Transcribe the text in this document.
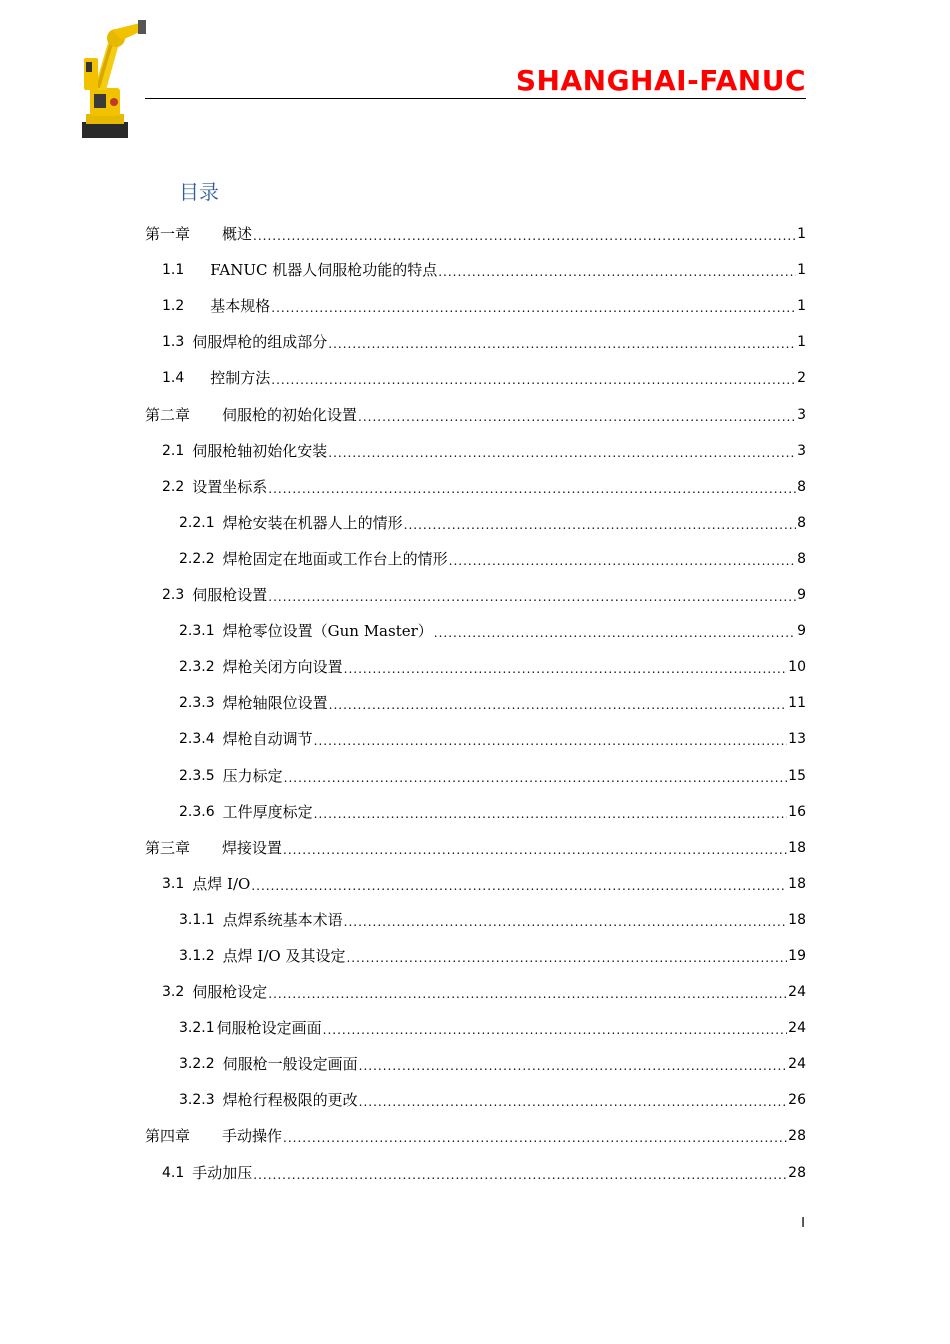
SHANGHAI-FANUC
目录
第一章 概述 .....	1
1.1 FANUC 机器人伺服枪功能的特点 .....	1
1.2 基本规格 .....	1
1.3 伺服焊枪的组成部分 .....	1
1.4 控制方法 .....	2
第二章 伺服枪的初始化设置 .....	3
2.1 伺服枪轴初始化安装 .....	3
2.2 设置坐标系 .....	8
2.2.1 焊枪安装在机器人上的情形 .....	8
2.2.2 焊枪固定在地面或工作台上的情形 .....	8
2.3 伺服枪设置 .....	9
2.3.1 焊枪零位设置（Gun Master） .....	9
2.3.2 焊枪关闭方向设置 .....	10
2.3.3 焊枪轴限位设置 .....	11
2.3.4 焊枪自动调节 .....	13
2.3.5 压力标定 .....	15
2.3.6 工件厚度标定 .....	16
第三章 焊接设置 .....	18
3.1 点焊 I/O .....	18
3.1.1 点焊系统基本术语 .....	18
3.1.2 点焊 I/O 及其设定 .....	19
3.2 伺服枪设定 .....	24
3.2.1 伺服枪设定画面 .....	24
3.2.2 伺服枪一般设定画面 .....	24
3.2.3 焊枪行程极限的更改 .....	26
第四章 手动操作 .....	28
4.1 手动加压 .....	28
I
